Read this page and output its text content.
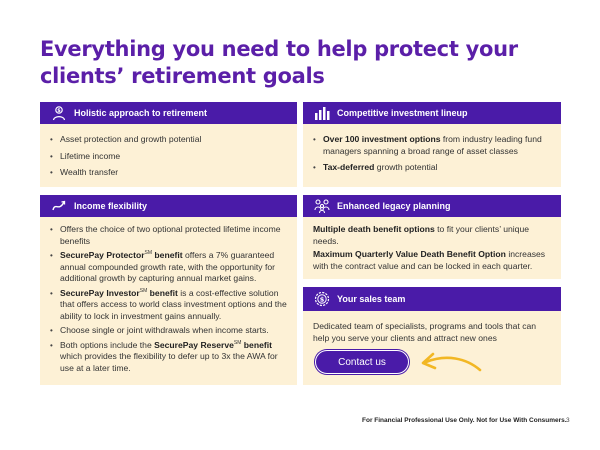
Everything you need to help protect your clients’ retirement goals
$ Holistic approach to retirement
• Asset protection and growth potential
• Lifetime income
• Wealth transfer
Competitive investment lineup
• Over 100 investment options from industry leading fund managers spanning a broad range of asset classes
• Tax-deferred growth potential
Income flexibility
• Offers the choice of two optional protected lifetime income benefits
• SecurePay Protector℠ benefit offers a 7% guaranteed annual compounded growth rate, with the opportunity for additional growth by capturing annual market gains.
• SecurePay Investor℠ benefit is a cost-effective solution that offers access to world class investment options and the ability to lock in investment gains annually.
• Choose single or joint withdrawals when income starts.
• Both options include the SecurePay Reserve℠ benefit which provides the flexibility to defer up to 3x the AWA for use at a later time.
Enhanced legacy planning
Multiple death benefit options to fit your clients’ unique needs.
Maximum Quarterly Value Death Benefit Option increases with the contract value and can be locked in each quarter.
$ Your sales team
Dedicated team of specialists, programs and tools that can help you serve your clients and attract new ones
Contact us
For Financial Professional Use Only. Not for Use With Consumers. 3
